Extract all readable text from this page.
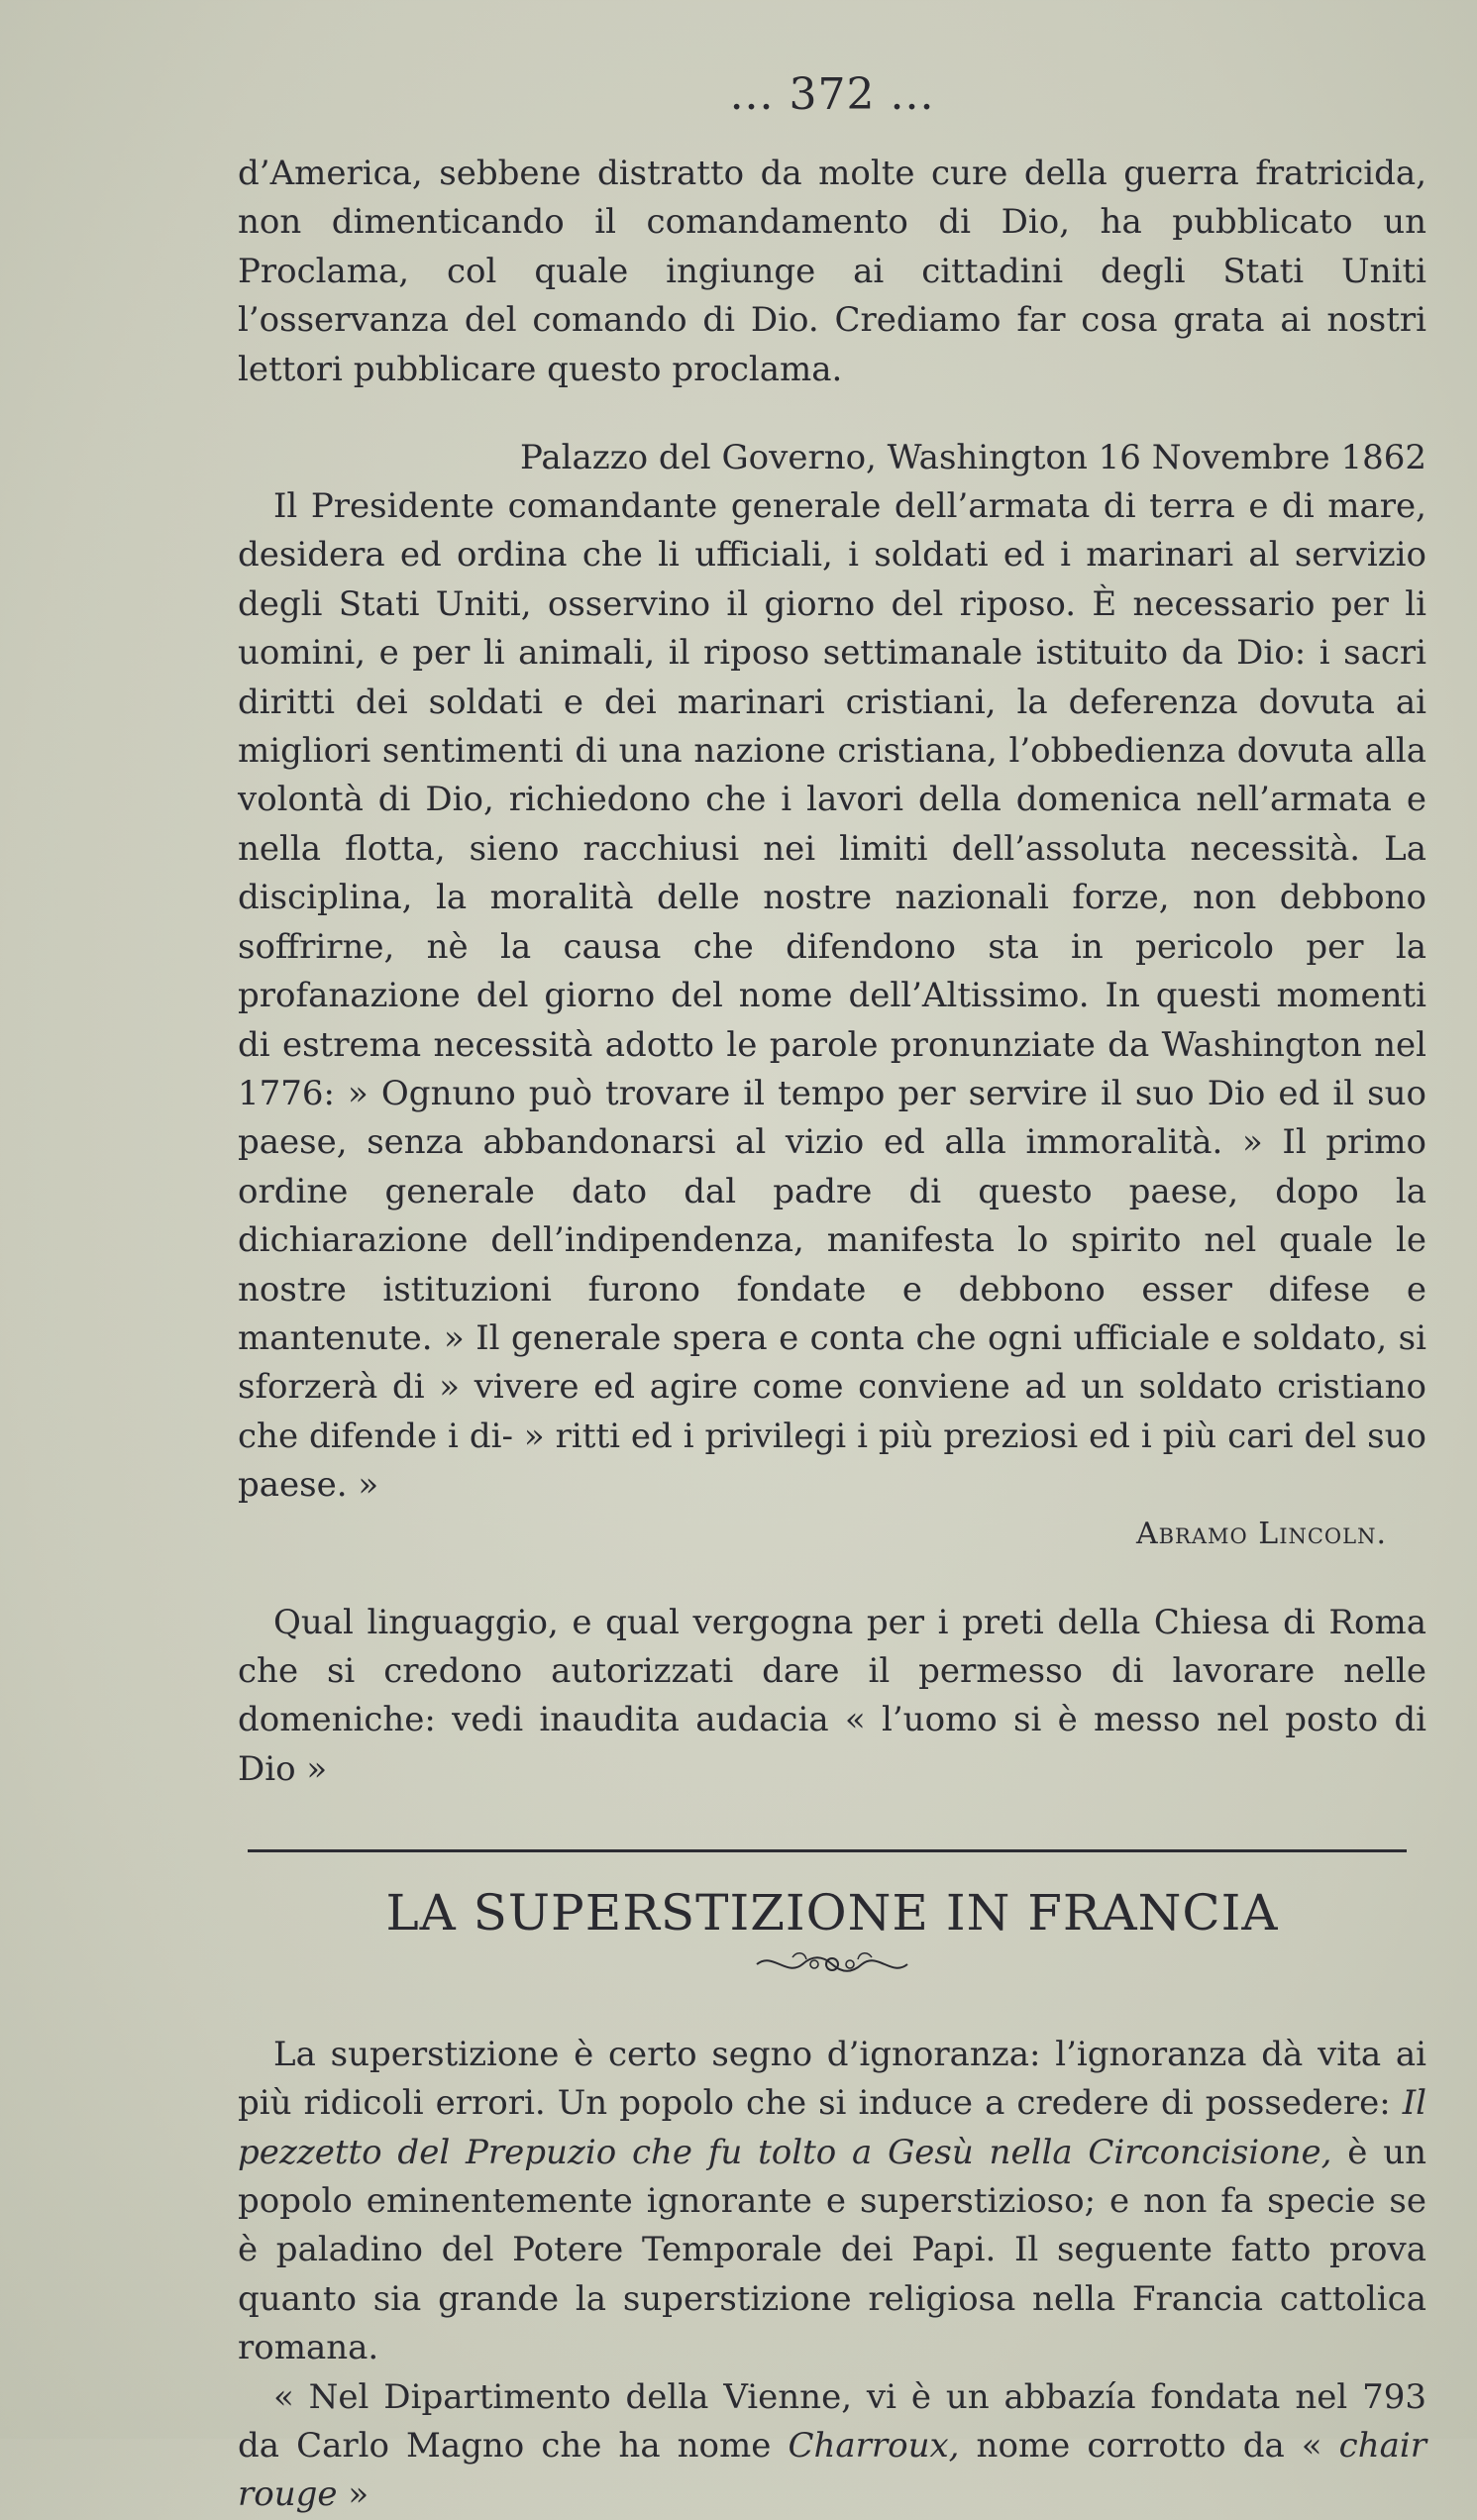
... 372 ...

d’America, sebbene distratto da molte cure della guerra fratricida, non dimenticando il comandamento di Dio, ha pubblicato un Proclama, col quale ingiunge ai cittadini degli Stati Uniti l’osservanza del comando di Dio. Crediamo far cosa grata ai nostri lettori pubblicare questo proclama.

Palazzo del Governo, Washington 16 Novembre 1862

Il Presidente comandante generale dell’armata di terra e di mare, desidera ed ordina che li ufficiali, i soldati ed i marinari al servizio degli Stati Uniti, osservino il giorno del riposo. È necessario per li uomini, e per li animali, il riposo settimanale istituito da Dio: i sacri diritti dei soldati e dei marinari cristiani, la deferenza dovuta ai migliori sentimenti di una nazione cristiana, l’obbedienza dovuta alla volontà di Dio, richiedono che i lavori della domenica nell’armata e nella flotta, sieno racchiusi nei limiti dell’assoluta necessità. La disciplina, la moralità delle nostre nazionali forze, non debbono soffrirne, nè la causa che difendono sta in pericolo per la profanazione del giorno del nome dell’Altissimo. In questi momenti di estrema necessità adotto le parole pronunziate da Washington nel 1776: » Ognuno può trovare il tempo per servire il suo Dio ed il suo paese, senza abbandonarsi al vizio ed alla immoralità. » Il primo ordine generale dato dal padre di questo paese, dopo la dichiarazione dell’indipendenza, manifesta lo spirito nel quale le nostre istituzioni furono fondate e debbono esser difese e mantenute. » Il generale spera e conta che ogni ufficiale e soldato, si sforzerà di » vivere ed agire come conviene ad un soldato cristiano che difende i di- » ritti ed i privilegi i più preziosi ed i più cari del suo paese. »

Abramo Lincoln.

Qual linguaggio, e qual vergogna per i preti della Chiesa di Roma che si credono autorizzati dare il permesso di lavorare nelle domeniche: vedi inaudita audacia « l’uomo si è messo nel posto di Dio »

LA SUPERSTIZIONE IN FRANCIA

La superstizione è certo segno d’ignoranza: l’ignoranza dà vita ai più ridicoli errori. Un popolo che si induce a credere di possedere: Il pezzetto del Prepuzio che fu tolto a Gesù nella Circoncisione, è un popolo eminentemente ignorante e superstizioso; e non fa specie se è paladino del Potere Temporale dei Papi. Il seguente fatto prova quanto sia grande la superstizione religiosa nella Francia cattolica romana.

« Nel Dipartimento della Vienne, vi è un abbazía fondata nel 793 da Carlo Magno che ha nome Charroux, nome corrotto da « chair rouge »
